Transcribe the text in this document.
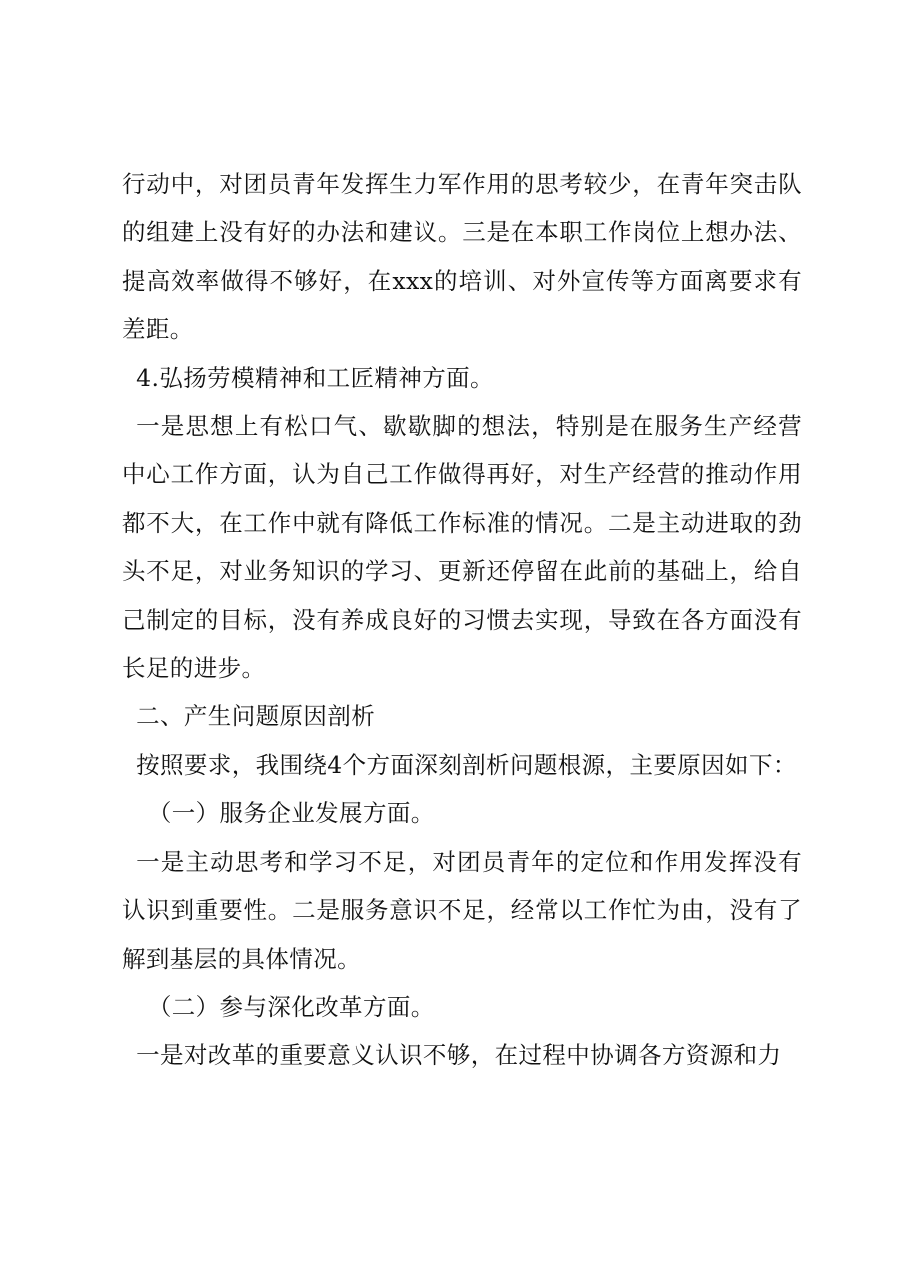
行动中，对团员青年发挥生力军作用的思考较少，在青年突击队的组建上没有好的办法和建议。三是在本职工作岗位上想办法、提高效率做得不够好，在xxx的培训、对外宣传等方面离要求有差距。

4.弘扬劳模精神和工匠精神方面。

一是思想上有松口气、歇歇脚的想法，特别是在服务生产经营中心工作方面，认为自己工作做得再好，对生产经营的推动作用都不大，在工作中就有降低工作标准的情况。二是主动进取的劲头不足，对业务知识的学习、更新还停留在此前的基础上，给自己制定的目标，没有养成良好的习惯去实现，导致在各方面没有长足的进步。

二、产生问题原因剖析

按照要求，我围绕4个方面深刻剖析问题根源，主要原因如下：

（一）服务企业发展方面。

一是主动思考和学习不足，对团员青年的定位和作用发挥没有认识到重要性。二是服务意识不足，经常以工作忙为由，没有了解到基层的具体情况。

（二）参与深化改革方面。

一是对改革的重要意义认识不够，在过程中协调各方资源和力
